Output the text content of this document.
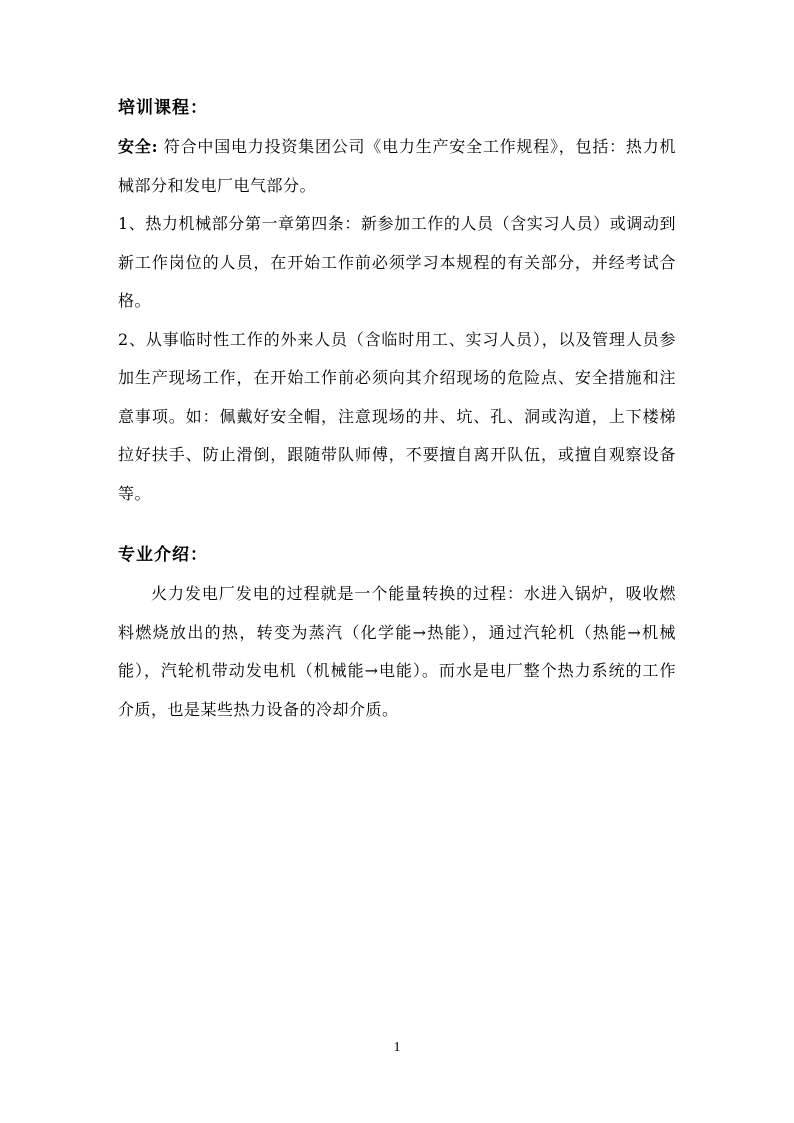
培训课程：

安全: 符合中国电力投资集团公司《电力生产安全工作规程》，包括：热力机械部分和发电厂电气部分。

1、热力机械部分第一章第四条：新参加工作的人员（含实习人员）或调动到新工作岗位的人员，在开始工作前必须学习本规程的有关部分，并经考试合格。

2、从事临时性工作的外来人员（含临时用工、实习人员），以及管理人员参加生产现场工作，在开始工作前必须向其介绍现场的危险点、安全措施和注意事项。如：佩戴好安全帽，注意现场的井、坑、孔、洞或沟道，上下楼梯拉好扶手、防止滑倒，跟随带队师傅，不要擅自离开队伍，或擅自观察设备等。

专业介绍：

火力发电厂发电的过程就是一个能量转换的过程：水进入锅炉，吸收燃料燃烧放出的热，转变为蒸汽（化学能→热能），通过汽轮机（热能→机械能），汽轮机带动发电机（机械能→电能）。而水是电厂整个热力系统的工作介质，也是某些热力设备的冷却介质。

1
